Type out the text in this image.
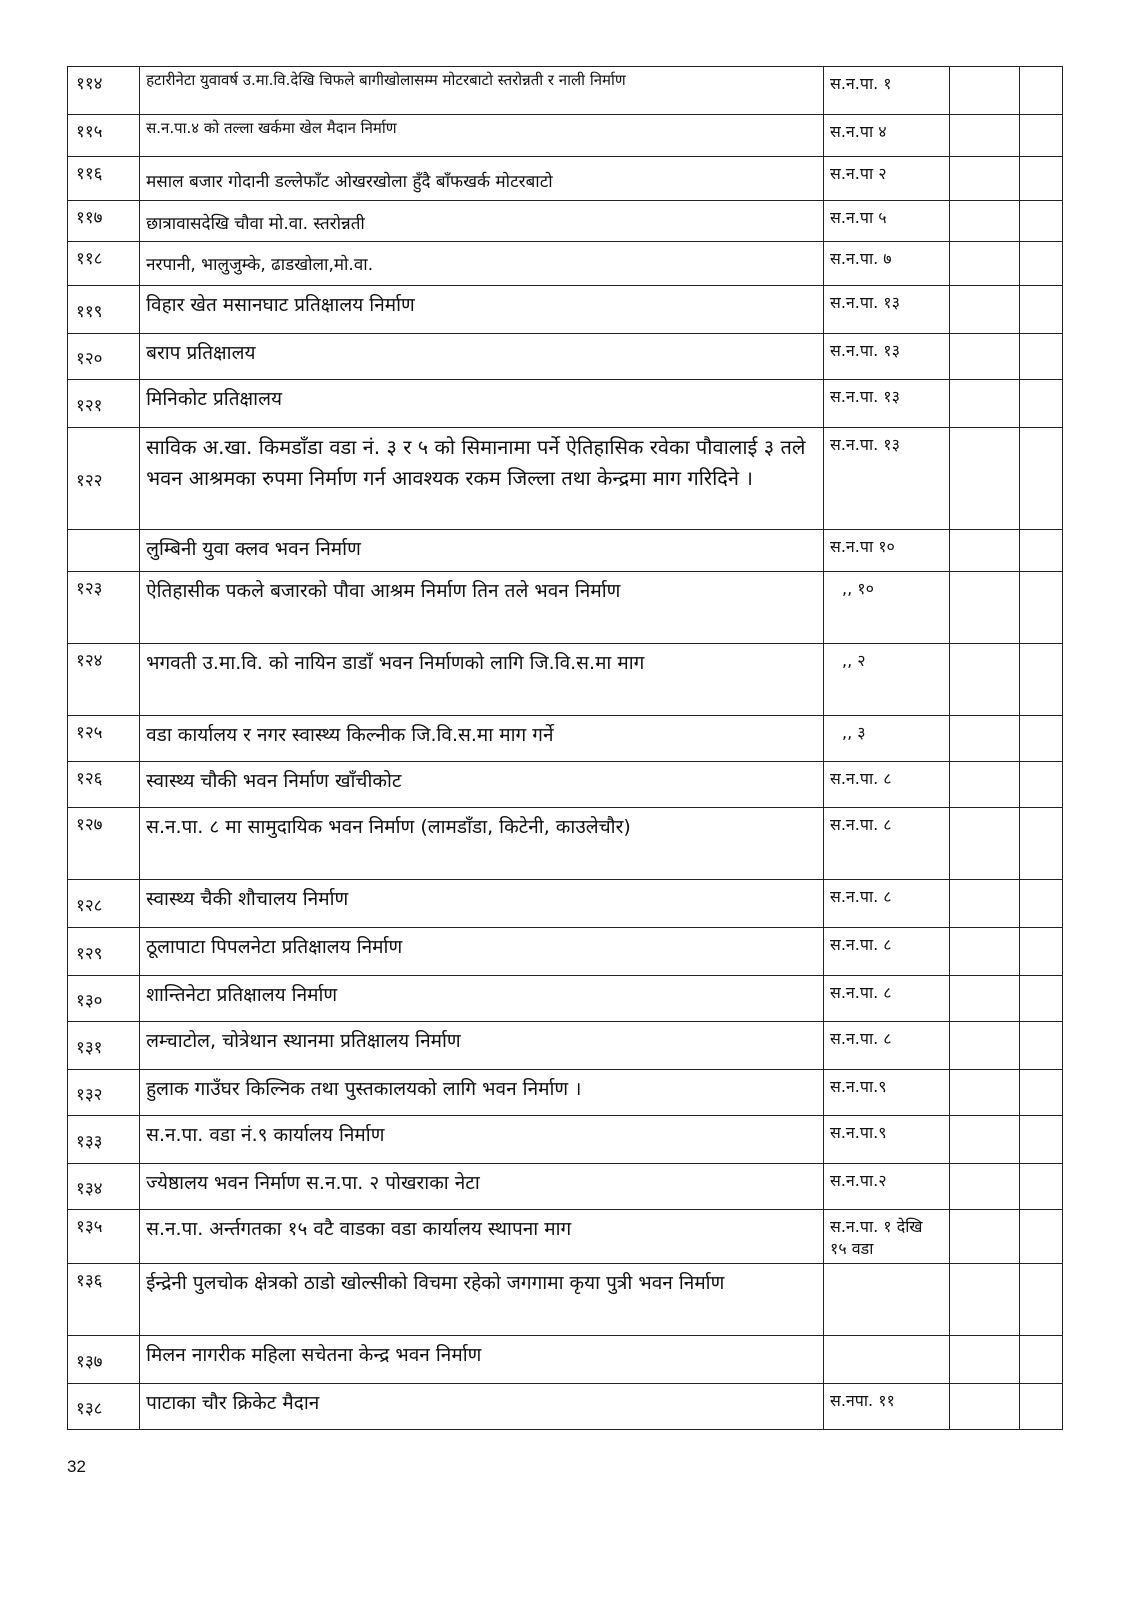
११४	हटारीनेटा युवावर्ष उ.मा.वि.देखि चिफले बागीखोलासम्म मोटरबाटो स्तरोन्नती र नाली निर्माण	स.न.पा. १		
११५	स.न.पा.४ को तल्ला खर्कमा खेल मैदान निर्माण	स.न.पा ४		
११६	मसाल बजार गोदानी डल्लेफाँट ओखरखोला हुँदै बाँफखर्क मोटरबाटो	स.न.पा २		
११७	छात्रावासदेखि चौवा मो.वा. स्तरोन्नती	स.न.पा ५		
११८	नरपानी, भालुजुम्के, ढाडखोला,मो.वा.	स.न.पा. ७		
११९	विहार खेत मसानघाट प्रतिक्षालय निर्माण	स.न.पा. १३		
१२०	बराप प्रतिक्षालय	स.न.पा. १३		
१२१	मिनिकोट प्रतिक्षालय	स.न.पा. १३		
१२२	साविक अ.खा. किमडाँडा वडा नं. ३ र ५ को सिमानामा पर्ने ऐतिहासिक रवेका पौवालाई ३ तले भवन आश्रमका रुपमा निर्माण गर्न आवश्यक रकम जिल्ला तथा केन्द्रमा माग गरिदिने ।	स.न.पा. १३		
	लुम्बिनी युवा क्लव भवन निर्माण	स.न.पा १०		
१२३	ऐतिहासीक पकले बजारको पौवा आश्रम निर्माण तिन तले भवन निर्माण	,, १०		
१२४	भगवती उ.मा.वि. को नायिन डाडाँ भवन निर्माणको लागि जि.वि.स.मा माग	,, २		
१२५	वडा कार्यालय र नगर स्वास्थ्य किल्नीक जि.वि.स.मा माग गर्ने	,, ३		
१२६	स्वास्थ्य चौकी भवन निर्माण खाँचीकोट	स.न.पा. ८		
१२७	स.न.पा. ८ मा सामुदायिक भवन निर्माण (लामडाँडा, किटेनी, काउलेचौर)	स.न.पा. ८		
१२८	स्वास्थ्य चैकी शौचालय निर्माण	स.न.पा. ८		
१२९	ठूलापाटा पिपलनेटा प्रतिक्षालय निर्माण	स.न.पा. ८		
१३०	शान्तिनेटा प्रतिक्षालय निर्माण	स.न.पा. ८		
१३१	लम्चाटोल, चोत्रेथान स्थानमा प्रतिक्षालय निर्माण	स.न.पा. ८		
१३२	हुलाक गाउँघर किल्निक तथा पुस्तकालयको लागि भवन निर्माण ।	स.न.पा.९		
१३३	स.न.पा. वडा नं.९ कार्यालय निर्माण	स.न.पा.९		
१३४	ज्येष्ठालय भवन निर्माण स.न.पा. २ पोखराका नेटा	स.न.पा.२		
१३५	स.न.पा. अर्न्तगतका १५ वटै वाडका वडा कार्यालय स्थापना माग	स.न.पा. १ देखि १५ वडा		
१३६	ईन्द्रेनी पुलचोक क्षेत्रको ठाडो खोल्सीको विचमा रहेको जगगामा कृया पुत्री भवन निर्माण			
१३७	मिलन नागरीक महिला सचेतना केन्द्र भवन निर्माण			
१३८	पाटाका चौर क्रिकेट मैदान	स.नपा. ११		
32
